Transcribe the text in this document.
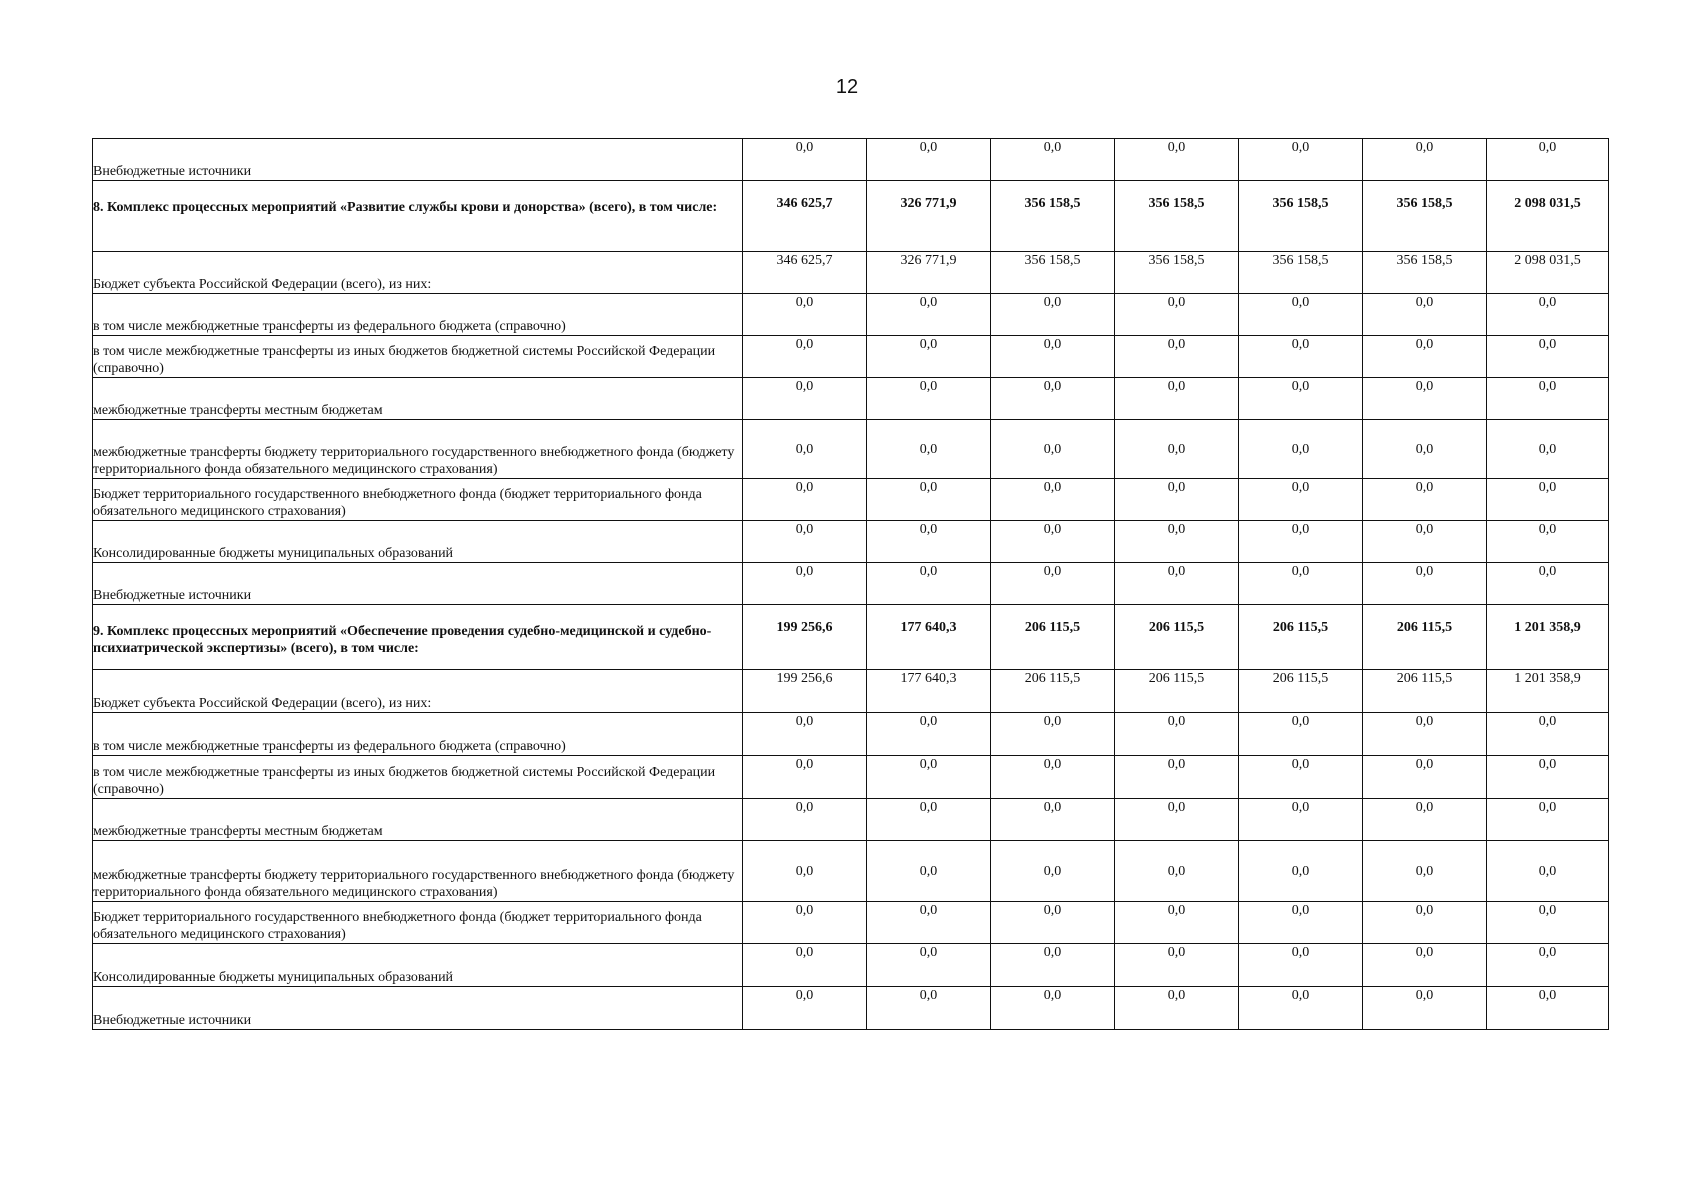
12
Внебюджетные источники	0,0	0,0	0,0	0,0	0,0	0,0	0,0
8. Комплекс процессных мероприятий «Развитие службы крови и донорства» (всего), в том числе:	346 625,7	326 771,9	356 158,5	356 158,5	356 158,5	356 158,5	2 098 031,5
Бюджет субъекта Российской Федерации (всего), из них:	346 625,7	326 771,9	356 158,5	356 158,5	356 158,5	356 158,5	2 098 031,5
в том числе межбюджетные трансферты из федерального бюджета (справочно)	0,0	0,0	0,0	0,0	0,0	0,0	0,0
в том числе межбюджетные трансферты из иных бюджетов бюджетной системы Российской Федерации (справочно)	0,0	0,0	0,0	0,0	0,0	0,0	0,0
межбюджетные трансферты местным бюджетам	0,0	0,0	0,0	0,0	0,0	0,0	0,0
межбюджетные трансферты бюджету территориального государственного внебюджетного фонда (бюджету территориального фонда обязательного медицинского страхования)	0,0	0,0	0,0	0,0	0,0	0,0	0,0
Бюджет территориального государственного внебюджетного фонда (бюджет территориального фонда обязательного медицинского страхования)	0,0	0,0	0,0	0,0	0,0	0,0	0,0
Консолидированные бюджеты муниципальных образований	0,0	0,0	0,0	0,0	0,0	0,0	0,0
Внебюджетные источники	0,0	0,0	0,0	0,0	0,0	0,0	0,0
9. Комплекс процессных мероприятий «Обеспечение проведения судебно-медицинской и судебно-психиатрической экспертизы» (всего), в том числе:	199 256,6	177 640,3	206 115,5	206 115,5	206 115,5	206 115,5	1 201 358,9
Бюджет субъекта Российской Федерации (всего), из них:	199 256,6	177 640,3	206 115,5	206 115,5	206 115,5	206 115,5	1 201 358,9
в том числе межбюджетные трансферты из федерального бюджета (справочно)	0,0	0,0	0,0	0,0	0,0	0,0	0,0
в том числе межбюджетные трансферты из иных бюджетов бюджетной системы Российской Федерации (справочно)	0,0	0,0	0,0	0,0	0,0	0,0	0,0
межбюджетные трансферты местным бюджетам	0,0	0,0	0,0	0,0	0,0	0,0	0,0
межбюджетные трансферты бюджету территориального государственного внебюджетного фонда (бюджету территориального фонда обязательного медицинского страхования)	0,0	0,0	0,0	0,0	0,0	0,0	0,0
Бюджет территориального государственного внебюджетного фонда (бюджет территориального фонда обязательного медицинского страхования)	0,0	0,0	0,0	0,0	0,0	0,0	0,0
Консолидированные бюджеты муниципальных образований	0,0	0,0	0,0	0,0	0,0	0,0	0,0
Внебюджетные источники	0,0	0,0	0,0	0,0	0,0	0,0	0,0
